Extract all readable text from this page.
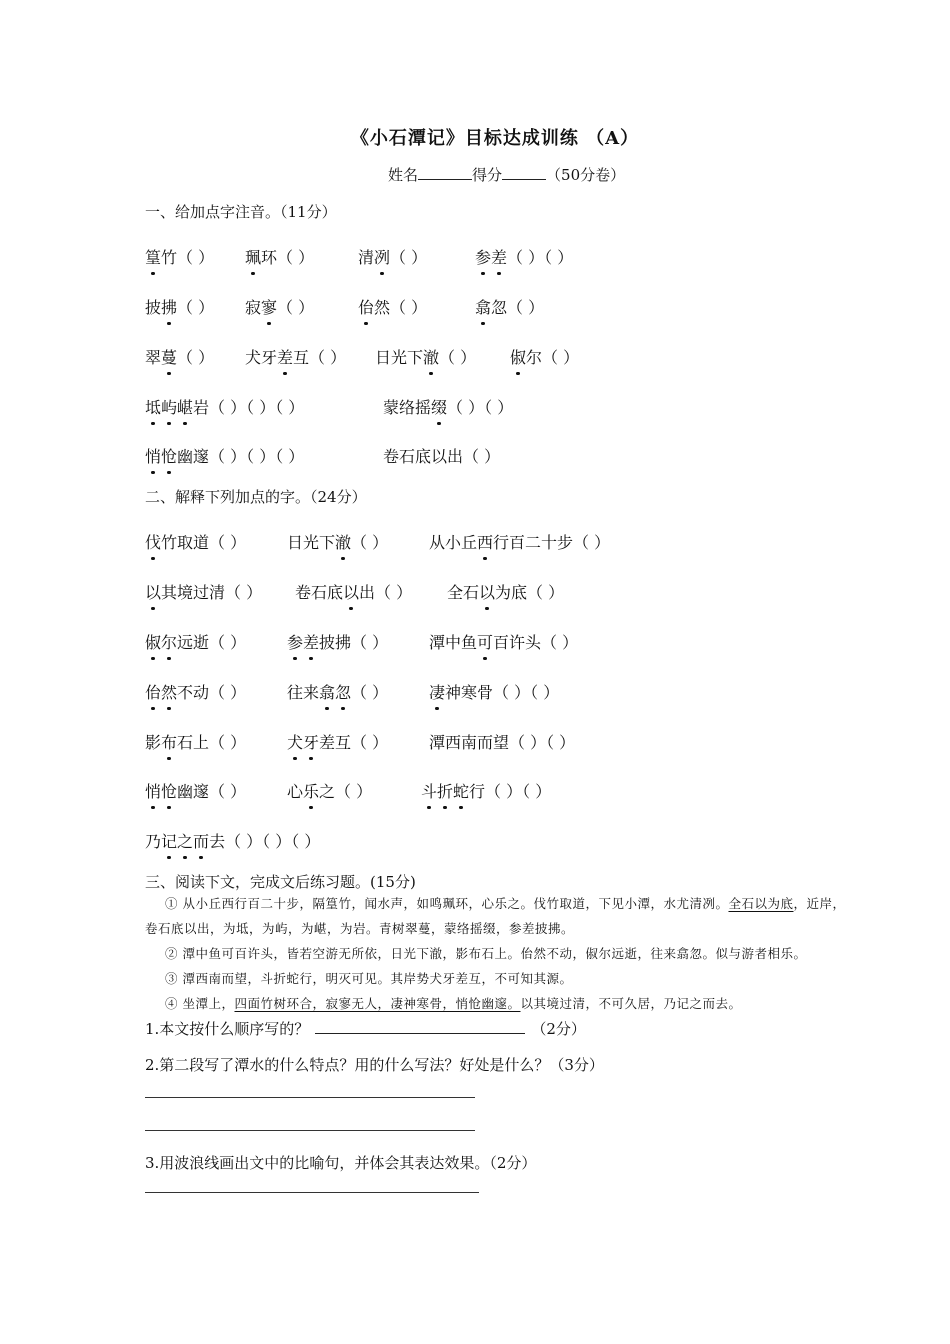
《小石潭记》目标达成训练 （A）
姓名	得分	（50分卷）
一、给加点字注音。（11分）
篁竹（ ） 珮环（ ）	清冽（ ）	参差（ ）（ ）
披拂（ ） 寂寥（ ）	佁然（ ）	翕忽（ ）
翠蔓（ ） 犬牙差互（ ） 日光下澈（ ） 俶尔（ ）
坻屿嵁岩（ ）（ ）（ ）	蒙络摇缀（ ）（ ）
悄怆幽邃（ ）（ ）（ ）	卷石底以出（ ）
二、解释下列加点的字。（24分）
伐竹取道（ ）	日光下澈（ ）	从小丘西行百二十步（ ）
以其境过清（ ） 卷石底以出（ ） 全石以为底（ ）
俶尔远逝（ ）	参差披拂（ ）	潭中鱼可百许头（ ）
佁然不动（ ）	往来翕忽（ ）	凄神寒骨（ ）（ ）
影布石上（ ）	犬牙差互（ ）	潭西南而望（ ）（ ）
悄怆幽邃（ ）	心乐之（ ）	斗折蛇行（ ）（ ）
乃记之而去（ ）（ ）（ ）
三、阅读下文，完成文后练习题。(15分)

① 从小丘西行百二十步，隔篁竹，闻水声，如鸣珮环，心乐之。伐竹取道，下见小潭，水尤清冽。全石以为底，近岸，

卷石底以出，为坻，为屿，为嵁，为岩。青树翠蔓，蒙络摇缀，参差披拂。

② 潭中鱼可百许头，皆若空游无所依，日光下澈，影布石上。佁然不动，俶尔远逝，往来翕忽。似与游者相乐。

③ 潭西南而望，斗折蛇行，明灭可见。其岸势犬牙差互，不可知其源。

④ 坐潭上，四面竹树环合，寂寥无人，凄神寒骨，悄怆幽邃。以其境过清，不可久居，乃记之而去。

1.本文按什么顺序写的？	（2分）
2.第二段写了潭水的什么特点？用的什么写法？好处是什么？（3分）
3.用波浪线画出文中的比喻句，并体会其表达效果。（2分）
